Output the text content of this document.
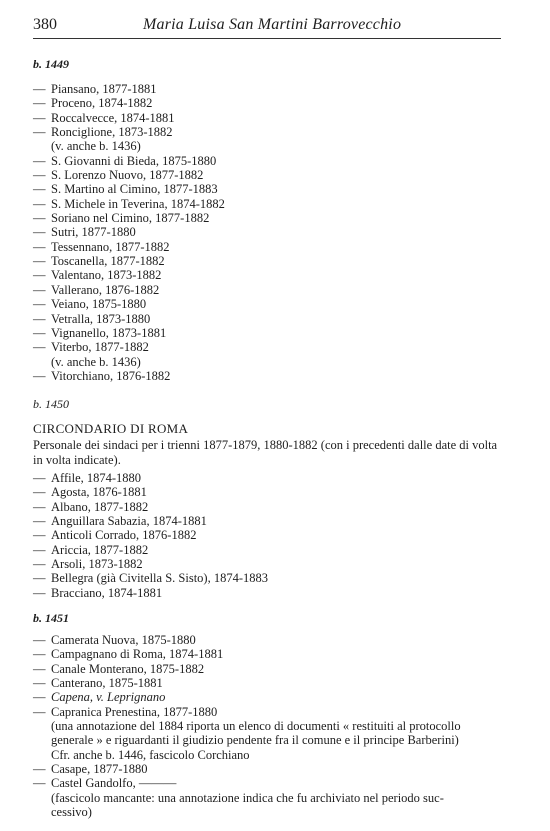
380	Maria Luisa San Martini Barrovecchio
b. 1449
— Piansano, 1877-1881
— Proceno, 1874-1882
— Roccalvecce, 1874-1881
— Ronciglione, 1873-1882
(v. anche b. 1436)
— S. Giovanni di Bieda, 1875-1880
— S. Lorenzo Nuovo, 1877-1882
— S. Martino al Cimino, 1877-1883
— S. Michele in Teverina, 1874-1882
— Soriano nel Cimino, 1877-1882
— Sutri, 1877-1880
— Tessennano, 1877-1882
— Toscanella, 1877-1882
— Valentano, 1873-1882
— Vallerano, 1876-1882
— Veiano, 1875-1880
— Vetralla, 1873-1880
— Vignanello, 1873-1881
— Viterbo, 1877-1882
(v. anche b. 1436)
— Vitorchiano, 1876-1882
b. 1450
CIRCONDARIO DI ROMA
Personale dei sindaci per i trienni 1877-1879, 1880-1882 (con i precedenti dalle date di volta in volta indicate).
— Affile, 1874-1880
— Agosta, 1876-1881
— Albano, 1877-1882
— Anguillara Sabazia, 1874-1881
— Anticoli Corrado, 1876-1882
— Ariccia, 1877-1882
— Arsoli, 1873-1882
— Bellegra (già Civitella S. Sisto), 1874-1883
— Bracciano, 1874-1881
b. 1451
— Camerata Nuova, 1875-1880
— Campagnano di Roma, 1874-1881
— Canale Monterano, 1875-1882
— Canterano, 1875-1881
— Capena, v. Leprignano
— Capranica Prenestina, 1877-1880
(una annotazione del 1884 riporta un elenco di documenti « restituiti al protocollo
generale » e riguardanti il giudizio pendente fra il comune e il principe Barberini)
Cfr. anche b. 1446, fascicolo Corchiano
— Casape, 1877-1880
— Castel Gandolfo, ———
(fascicolo mancante: una annotazione indica che fu archiviato nel periodo suc-
cessivo)
